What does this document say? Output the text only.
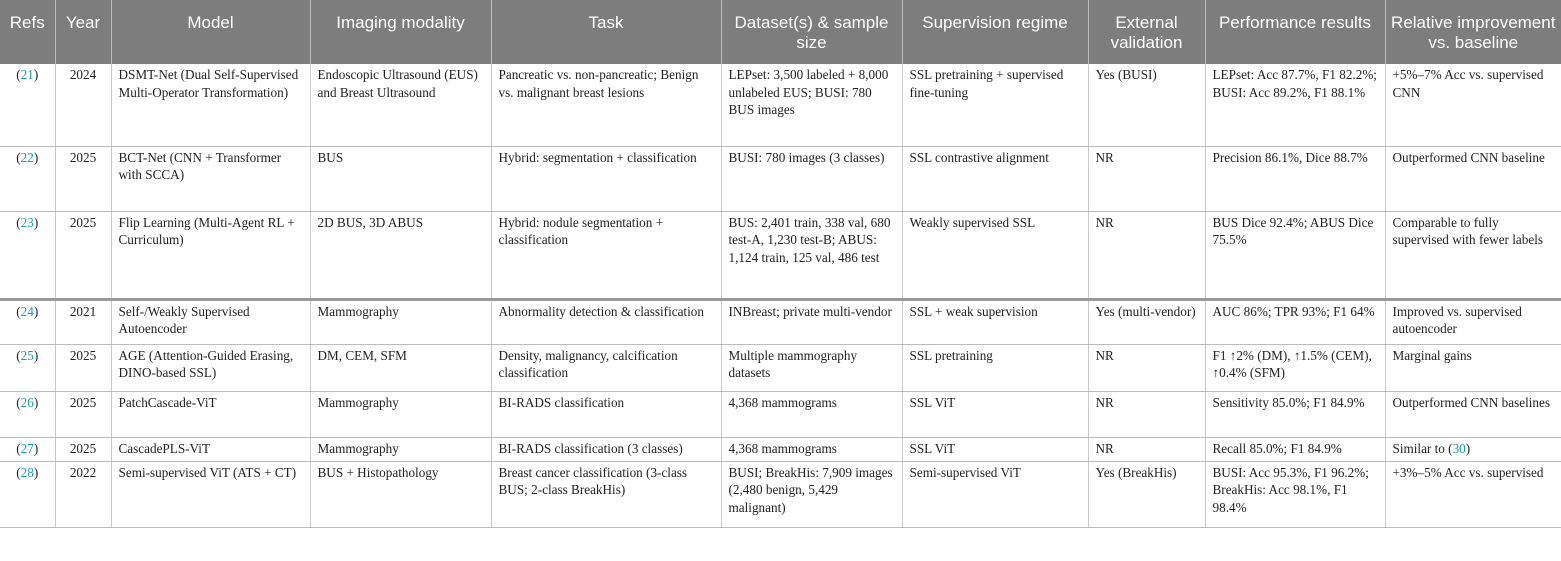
Refs	Year	Model	Imaging modality	Task	Dataset(s) & sample size	Supervision regime	External validation	Performance results	Relative improvement vs. baseline
(21)	2024	DSMT-Net (Dual Self-Supervised Multi-Operator Transformation)	Endoscopic Ultrasound (EUS) and Breast Ultrasound	Pancreatic vs. non-pancreatic; Benign vs. malignant breast lesions	LEPset: 3,500 labeled + 8,000 unlabeled EUS; BUSI: 780 BUS images	SSL pretraining + supervised fine-tuning	Yes (BUSI)	LEPset: Acc 87.7%, F1 82.2%; BUSI: Acc 89.2%, F1 88.1%	+5%–7% Acc vs. supervised CNN
(22)	2025	BCT-Net (CNN + Transformer with SCCA)	BUS	Hybrid: segmentation + classification	BUSI: 780 images (3 classes)	SSL contrastive alignment	NR	Precision 86.1%, Dice 88.7%	Outperformed CNN baseline
(23)	2025	Flip Learning (Multi-Agent RL + Curriculum)	2D BUS, 3D ABUS	Hybrid: nodule segmentation + classification	BUS: 2,401 train, 338 val, 680 test-A, 1,230 test-B; ABUS: 1,124 train, 125 val, 486 test	Weakly supervised SSL	NR	BUS Dice 92.4%; ABUS Dice 75.5%	Comparable to fully supervised with fewer labels
(24)	2021	Self-/Weakly Supervised Autoencoder	Mammography	Abnormality detection & classification	INBreast; private multi-vendor	SSL + weak supervision	Yes (multi-vendor)	AUC 86%; TPR 93%; F1 64%	Improved vs. supervised autoencoder
(25)	2025	AGE (Attention-Guided Erasing, DINO-based SSL)	DM, CEM, SFM	Density, malignancy, calcification classification	Multiple mammography datasets	SSL pretraining	NR	F1 ↑2% (DM), ↑1.5% (CEM), ↑0.4% (SFM)	Marginal gains
(26)	2025	PatchCascade-ViT	Mammography	BI-RADS classification	4,368 mammograms	SSL ViT	NR	Sensitivity 85.0%; F1 84.9%	Outperformed CNN baselines
(27)	2025	CascadePLS-ViT	Mammography	BI-RADS classification (3 classes)	4,368 mammograms	SSL ViT	NR	Recall 85.0%; F1 84.9%	Similar to (30)
(28)	2022	Semi-supervised ViT (ATS + CT)	BUS + Histopathology	Breast cancer classification (3-class BUS; 2-class BreakHis)	BUSI; BreakHis: 7,909 images (2,480 benign, 5,429 malignant)	Semi-supervised ViT	Yes (BreakHis)	BUSI: Acc 95.3%, F1 96.2%; BreakHis: Acc 98.1%, F1 98.4%	+3%–5% Acc vs. supervised
